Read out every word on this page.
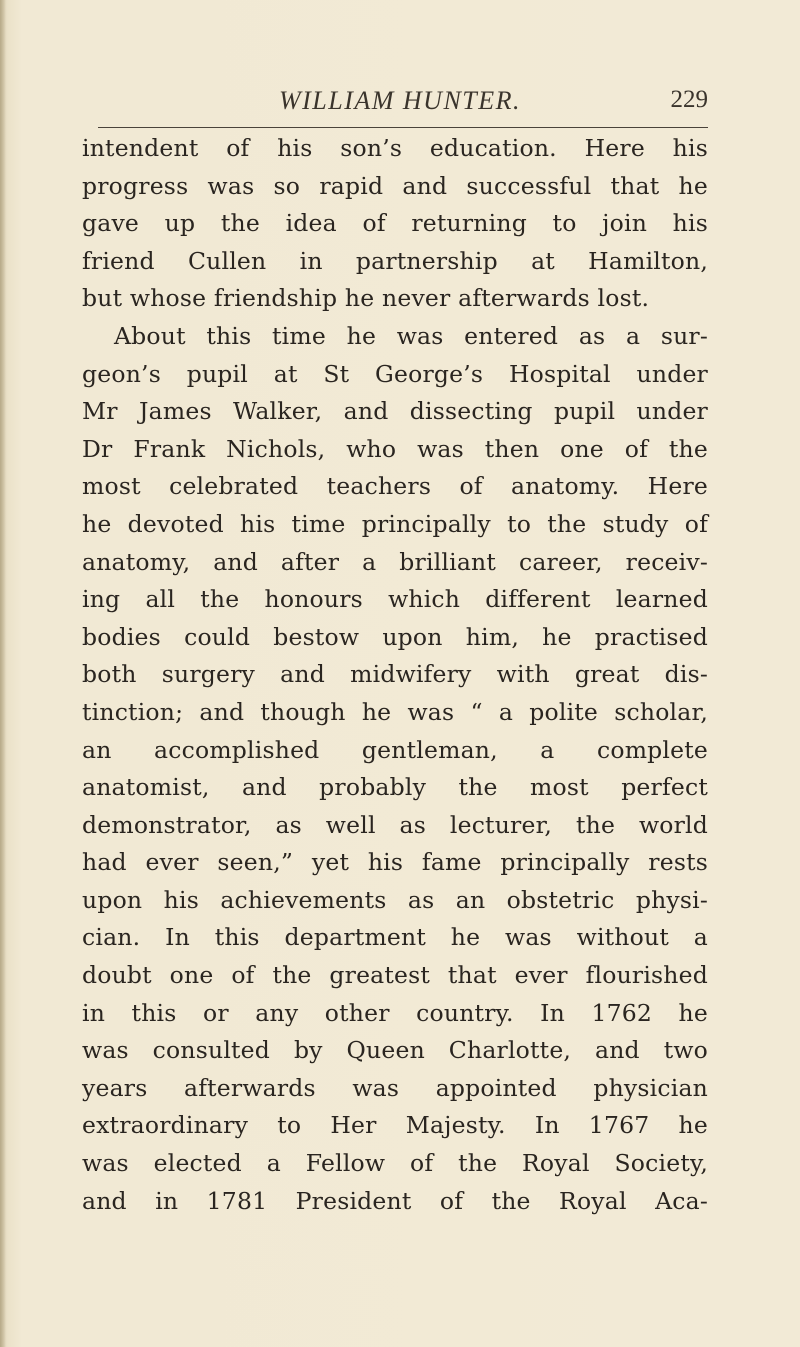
WILLIAM HUNTER.	229
intendent of his son’s education. Here his
progress was so rapid and successful that he
gave up the idea of returning to join his
friend Cullen in partnership at Hamilton,
but whose friendship he never afterwards lost.
About this time he was entered as a sur-
geon’s pupil at St George’s Hospital under
Mr James Walker, and dissecting pupil under
Dr Frank Nichols, who was then one of the
most celebrated teachers of anatomy. Here
he devoted his time principally to the study of
anatomy, and after a brilliant career, receiv-
ing all the honours which different learned
bodies could bestow upon him, he practised
both surgery and midwifery with great dis-
tinction; and though he was “ a polite scholar,
an accomplished gentleman, a complete
anatomist, and probably the most perfect
demonstrator, as well as lecturer, the world
had ever seen,” yet his fame principally rests
upon his achievements as an obstetric physi-
cian. In this department he was without a
doubt one of the greatest that ever flourished
in this or any other country. In 1762 he
was consulted by Queen Charlotte, and two
years afterwards was appointed physician
extraordinary to Her Majesty. In 1767 he
was elected a Fellow of the Royal Society,
and in 1781 President of the Royal Aca-
